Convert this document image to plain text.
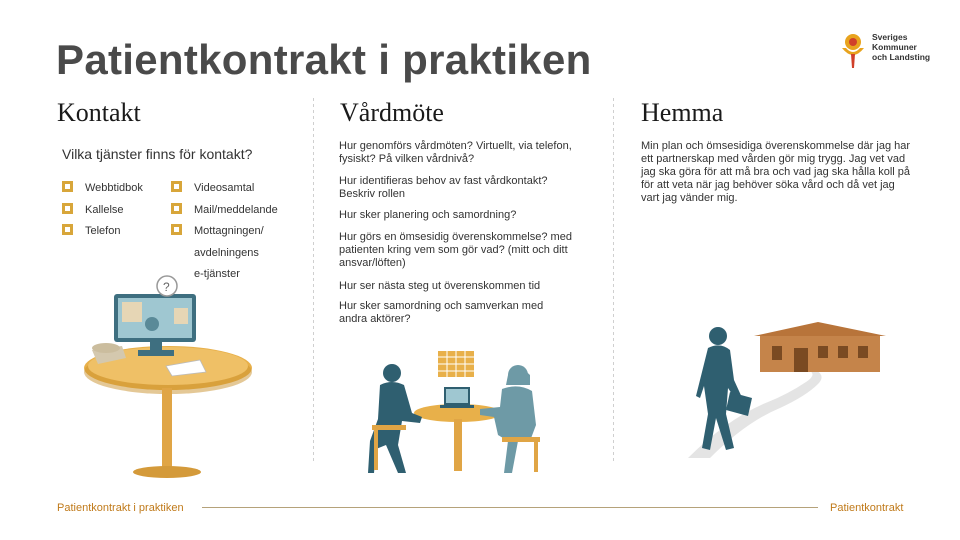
Patientkontrakt i praktiken	Sveriges
Kommuner
och Landsting
Kontakt	Vårdmöte	Hemma
Vilka tjänster finns för kontakt?
Webbtidbok
Kallelse
Telefon
Videosamtal
Mail/meddelande
Mottagningen/
avdelningens
e-tjänster
?
Hur genomförs vårdmöten? Virtuellt, via telefon, fysiskt? På vilken vårdnivå?
Hur identifieras behov av fast vårdkontakt? Beskriv rollen
Hur sker planering och samordning?
Hur görs en ömsesidig överenskommelse? med patienten kring vem som gör vad? (mitt och ditt ansvar/löften)
Hur ser nästa steg ut överenskommen tid
Hur sker samordning och samverkan med andra aktörer?
Min plan och ömsesidiga överenskommelse där jag har ett partnerskap med vården gör mig trygg. Jag vet vad jag ska göra för att må bra och vad jag ska hålla koll på för att veta när jag behöver söka vård och då vet jag vart jag vänder mig.
Patientkontrakt i praktiken	Patientkontrakt
